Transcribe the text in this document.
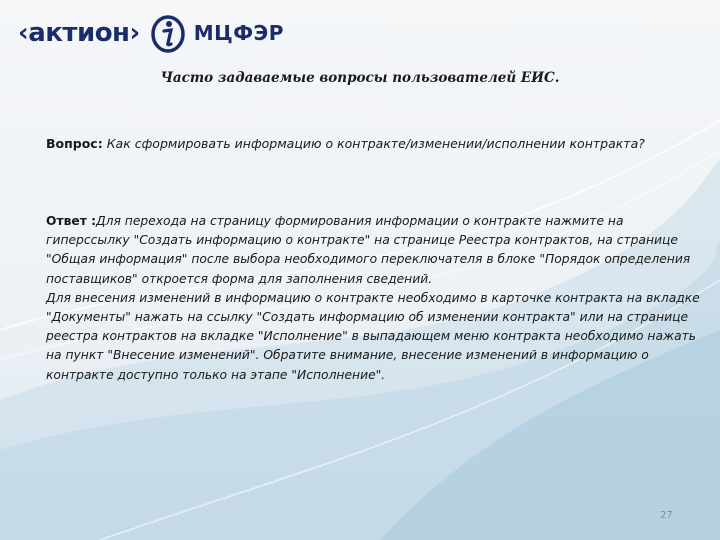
‹актион›	МЦФЭР
Часто задаваемые вопросы пользователей ЕИС.
Вопрос: Как сформировать информацию о контракте/изменении/исполнении контракта?
Ответ :Для перехода на страницу формирования информации о контракте нажмите на гиперссылку "Создать информацию о контракте" на странице Реестра контрактов, на странице "Общая информация" после выбора необходимого переключателя в блоке "Порядок определения поставщиков" откроется форма для заполнения сведений.
Для внесения изменений в информацию о контракте необходимо в карточке контракта на вкладке "Документы" нажать на ссылку "Создать информацию об изменении контракта" или на странице реестра контрактов на вкладке "Исполнение" в выпадающем меню контракта необходимо нажать на пункт "Внесение изменений". Обратите внимание, внесение изменений в информацию о контракте доступно только на этапе "Исполнение".
27
